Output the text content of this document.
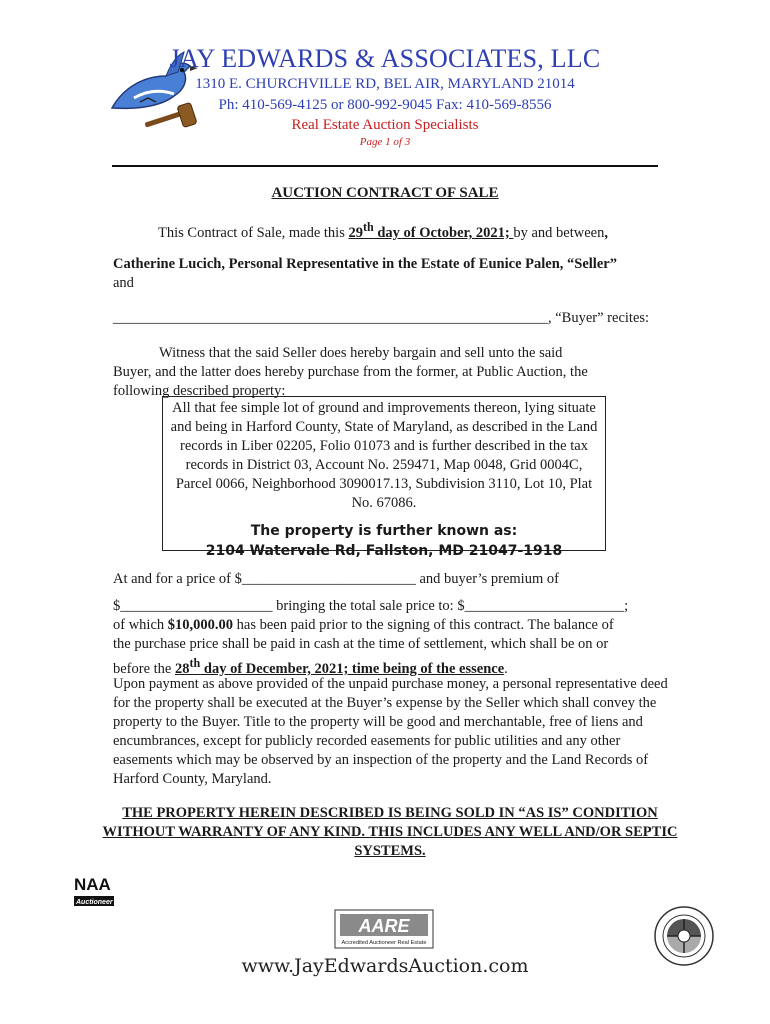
JAY EDWARDS & ASSOCIATES, LLC
1310 E. CHURCHVILLE RD, BEL AIR, MARYLAND 21014
Ph: 410-569-4125 or 800-992-9045 Fax: 410-569-8556
Real Estate Auction Specialists
Page 1 of 3
AUCTION CONTRACT OF SALE
This Contract of Sale, made this 29th day of October, 2021; by and between,
Catherine Lucich, Personal Representative in the Estate of Eunice Palen, “Seller”
and
____________________________________________________________, “Buyer” recites:
Witness that the said Seller does hereby bargain and sell unto the said
Buyer, and the latter does hereby purchase from the former, at Public Auction, the
following described property:
All that fee simple lot of ground and improvements thereon, lying situate and being in Harford County, State of Maryland, as described in the Land records in Liber 02205, Folio 01073 and is further described in the tax records in District 03, Account No. 259471, Map 0048, Grid 0004C, Parcel 0066, Neighborhood 3090017.13, Subdivision 3110, Lot 10, Plat No. 67086.
The property is further known as:
2104 Watervale Rd, Fallston, MD 21047-1918
At and for a price of $________________________ and buyer’s premium of
$_____________________ bringing the total sale price to: $______________________;
of which $10,000.00 has been paid prior to the signing of this contract. The balance of
the purchase price shall be paid in cash at the time of settlement, which shall be on or
before the 28th day of December, 2021; time being of the essence.
Upon payment as above provided of the unpaid purchase money, a personal representative deed for the property shall be executed at the Buyer’s expense by the Seller which shall convey the property to the Buyer. Title to the property will be good and merchantable, free of liens and encumbrances, except for publicly recorded easements for public utilities and any other easements which may be observed by an inspection of the property and the Land Records of Harford County, Maryland.
THE PROPERTY HEREIN DESCRIBED IS BEING SOLD IN “AS IS” CONDITION WITHOUT WARRANTY OF ANY KIND. THIS INCLUDES ANY WELL AND/OR SEPTIC SYSTEMS.
NAA
Auctioneer
AARE
Accredited Auctioneer Real Estate
www.JayEdwardsAuction.com
